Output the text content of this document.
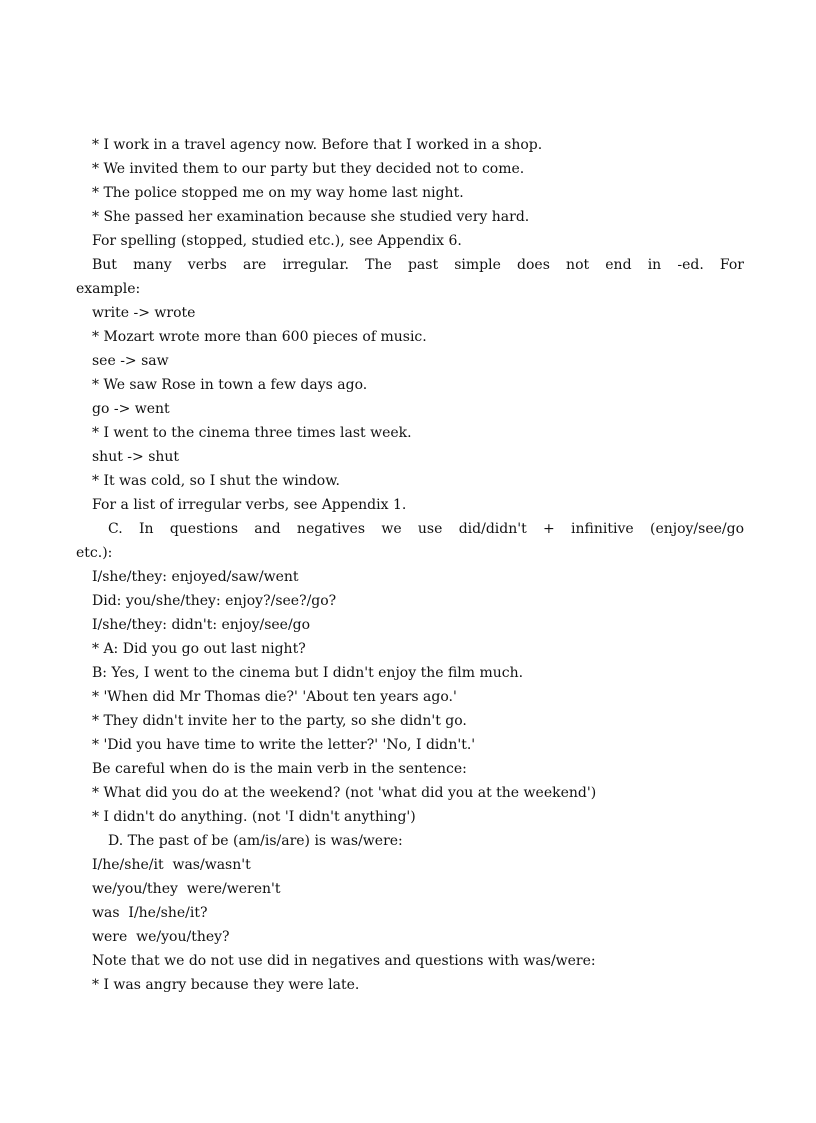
* I work in a travel agency now. Before that I worked in a shop.
* We invited them to our party but they decided not to come.
* The police stopped me on my way home last night.
* She passed her examination because she studied very hard.
For spelling (stopped, studied etc.), see Appendix 6.
But many verbs are irregular. The past simple does not end in -ed. For
example:
write -> wrote
* Mozart wrote more than 600 pieces of music.
see -> saw
* We saw Rose in town a few days ago.
go -> went
* I went to the cinema three times last week.
shut -> shut
* It was cold, so I shut the window.
For a list of irregular verbs, see Appendix 1.
C. In questions and negatives we use did/didn't + infinitive (enjoy/see/go
etc.):
I/she/they: enjoyed/saw/went
Did: you/she/they: enjoy?/see?/go?
I/she/they: didn't: enjoy/see/go
* A: Did you go out last night?
B: Yes, I went to the cinema but I didn't enjoy the film much.
* 'When did Mr Thomas die?' 'About ten years ago.'
* They didn't invite her to the party, so she didn't go.
* 'Did you have time to write the letter?' 'No, I didn't.'
Be careful when do is the main verb in the sentence:
* What did you do at the weekend? (not 'what did you at the weekend')
* I didn't do anything. (not 'I didn't anything')
D. The past of be (am/is/are) is was/were:
I/he/she/it  was/wasn't
we/you/they  were/weren't
was  I/he/she/it?
were  we/you/they?
Note that we do not use did in negatives and questions with was/were:
* I was angry because they were late.
